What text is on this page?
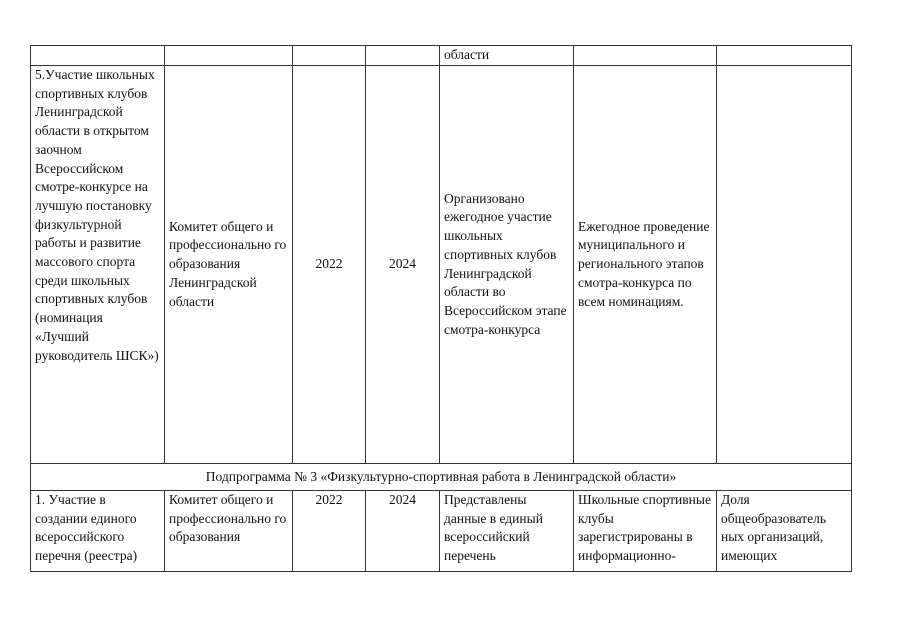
				области		

5.Участие школьных спортивных клубов Ленинградской области в открытом заочном Всероссийском смотре-конкурсе на лучшую постановку физкультурной работы и развитие массового спорта среди школьных спортивных клубов (номинация «Лучший руководитель ШСК»)	Комитет общего и профессионально го образования Ленинградской области	2022	2024	Организовано ежегодное участие школьных спортивных клубов Ленинградской области во Всероссийском этапе смотра-конкурса	Ежегодное проведение муниципального и регионального этапов смотра-конкурса по всем номинациям.	

Подпрограмма № 3 «Физкультурно-спортивная работа в Ленинградской области»						

1. Участие в создании единого всероссийского перечня (реестра)	Комитет общего и профессионально го образования	2022	2024	Представлены данные в единый всероссийский перечень	Школьные спортивные клубы зарегистрированы в информационно-	Доля общеобразователь ных организаций, имеющих
